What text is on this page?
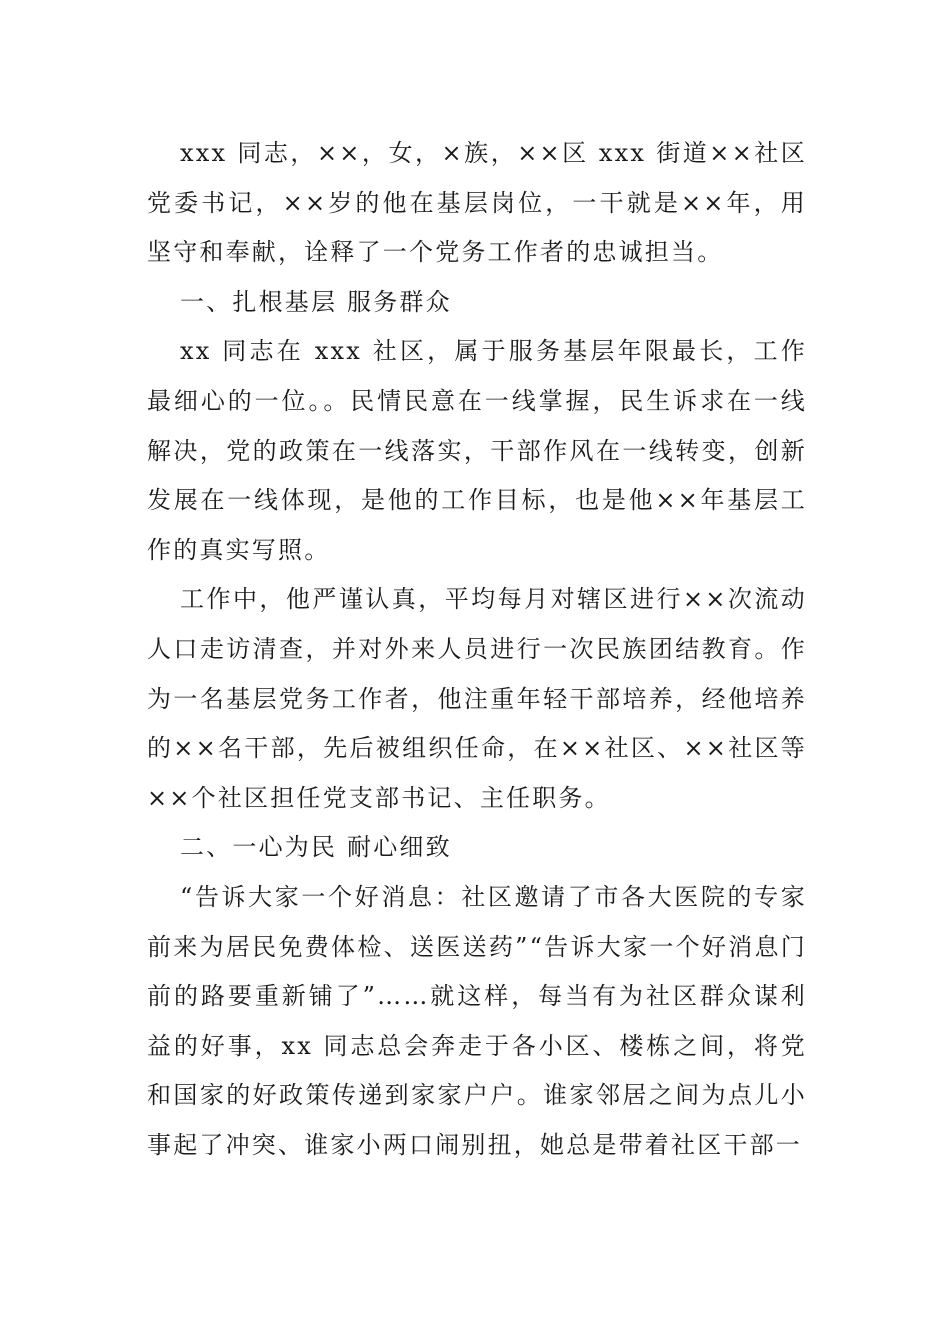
xxx 同志，××，女，×族，××区 xxx 街道××社区党委书记，××岁的他在基层岗位，一干就是××年，用坚守和奉献，诠释了一个党务工作者的忠诚担当。

一、扎根基层 服务群众

xx 同志在 xxx 社区，属于服务基层年限最长，工作最细心的一位。。民情民意在一线掌握，民生诉求在一线解决，党的政策在一线落实，干部作风在一线转变，创新发展在一线体现，是他的工作目标，也是他××年基层工作的真实写照。

工作中，他严谨认真，平均每月对辖区进行××次流动人口走访清查，并对外来人员进行一次民族团结教育。作为一名基层党务工作者，他注重年轻干部培养，经他培养的××名干部，先后被组织任命，在××社区、××社区等××个社区担任党支部书记、主任职务。

二、一心为民 耐心细致

“告诉大家一个好消息：社区邀请了市各大医院的专家前来为居民免费体检、送医送药”“告诉大家一个好消息门前的路要重新铺了”……就这样，每当有为社区群众谋利益的好事，xx 同志总会奔走于各小区、楼栋之间，将党和国家的好政策传递到家家户户。谁家邻居之间为点儿小事起了冲突、谁家小两口闹别扭，她总是带着社区干部一
